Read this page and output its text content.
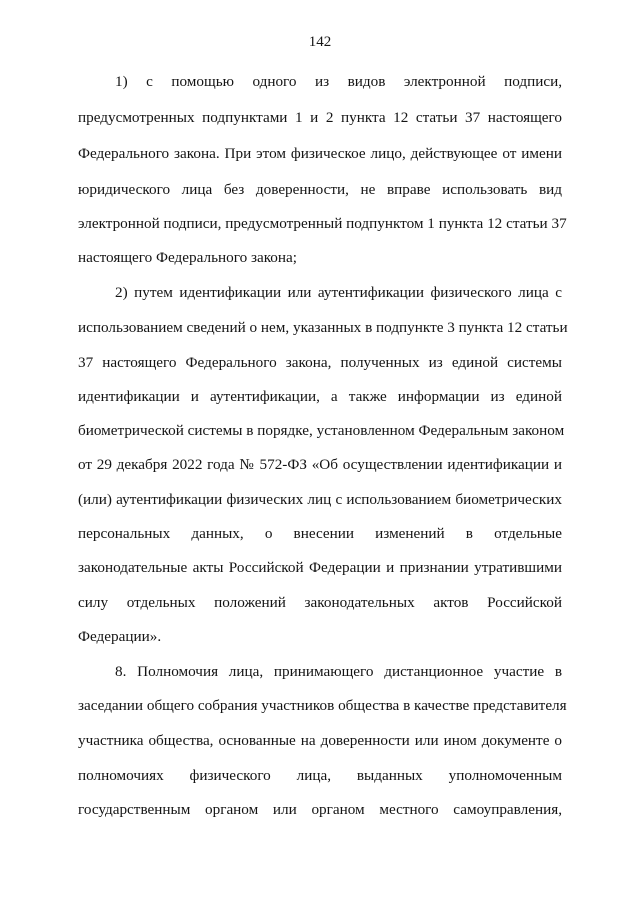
142
1) с помощью одного из видов электронной подписи,
предусмотренных подпунктами 1 и 2 пункта 12 статьи 37 настоящего
Федерального закона. При этом физическое лицо, действующее от имени
юридического лица без доверенности, не вправе использовать вид
электронной подписи, предусмотренный подпунктом 1 пункта 12 статьи 37
настоящего Федерального закона;
2) путем идентификации или аутентификации физического лица с
использованием сведений о нем, указанных в подпункте 3 пункта 12 статьи
37 настоящего Федерального закона, полученных из единой системы
идентификации и аутентификации, а также информации из единой
биометрической системы в порядке, установленном Федеральным законом
от 29 декабря 2022 года № 572-ФЗ «Об осуществлении идентификации и
(или) аутентификации физических лиц с использованием биометрических
персональных данных, о внесении изменений в отдельные
законодательные акты Российской Федерации и признании утратившими
силу отдельных положений законодательных актов Российской
Федерации».
8. Полномочия лица, принимающего дистанционное участие в
заседании общего собрания участников общества в качестве представителя
участника общества, основанные на доверенности или ином документе о
полномочиях физического лица, выданных уполномоченным
государственным органом или органом местного самоуправления,
